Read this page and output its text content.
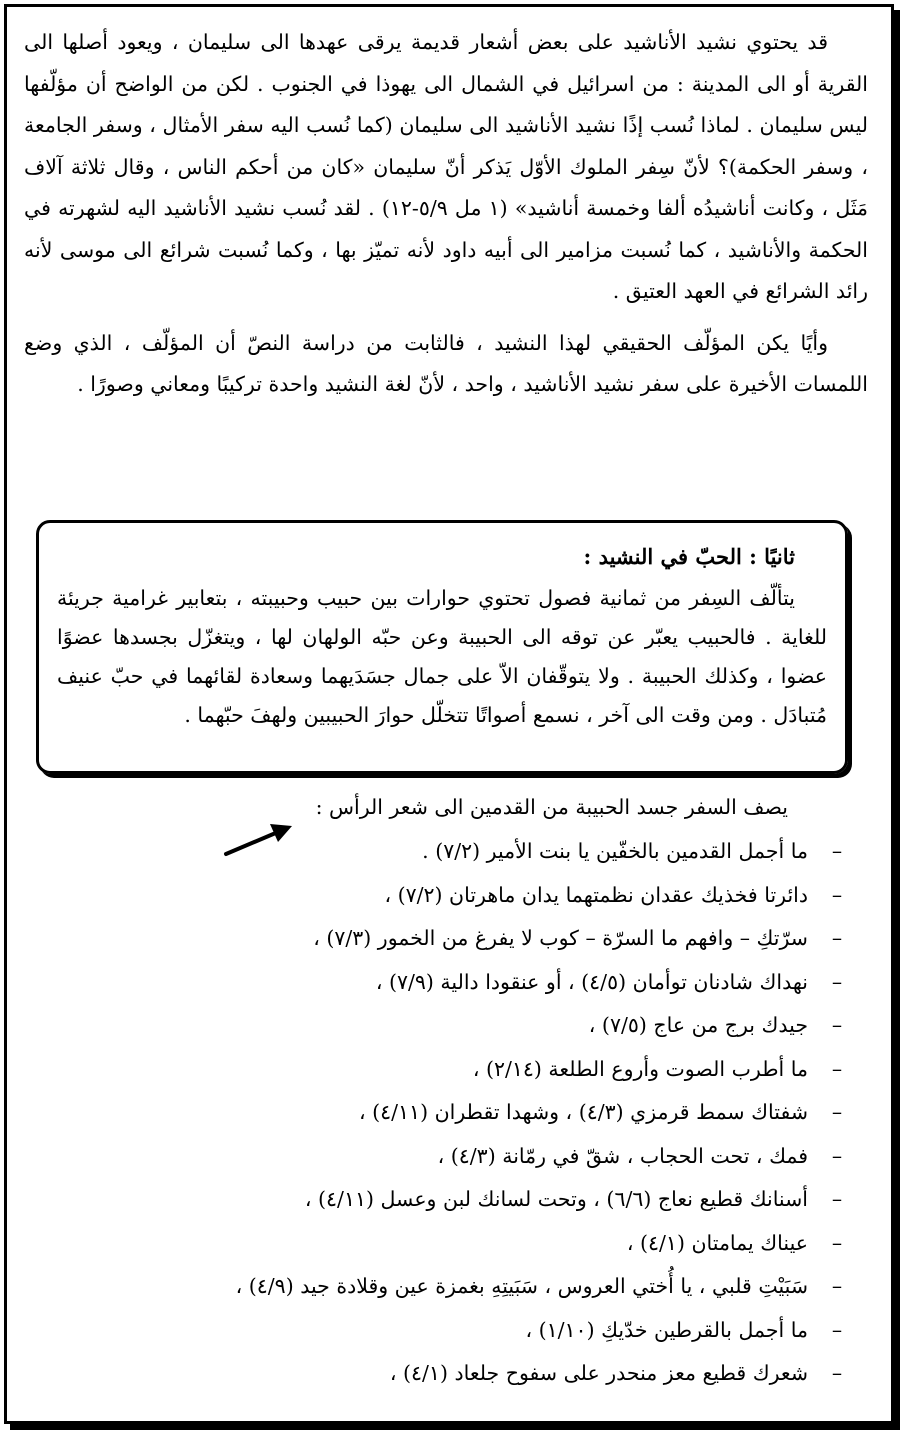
قد يحتوي نشيد الأناشيد على بعض أشعار قديمة يرقى عهدها الى سليمان ، ويعود أصلها الى القرية أو الى المدينة : من اسرائيل في الشمال الى يهوذا في الجنوب . لكن من الواضح أن مؤلّفها ليس سليمان . لماذا نُسب إذًا نشيد الأناشيد الى سليمان (كما نُسب اليه سفر الأمثال ، وسفر الجامعة ، وسفر الحكمة)؟ لأنّ سِفر الملوك الأوّل يَذكر أنّ سليمان «كان من أحكم الناس ، وقال ثلاثة آلاف مَثَل ، وكانت أناشيدُه ألفا وخمسة أناشيد» (١ مل ٥/٩-١٢) . لقد نُسب نشيد الأناشيد اليه لشهرته في الحكمة والأناشيد ، كما نُسبت مزامير الى أبيه داود لأنه تميّز بها ، وكما نُسبت شرائع الى موسى لأنه رائد الشرائع في العهد العتيق .

وأيًا يكن المؤلّف الحقيقي لهذا النشيد ، فالثابت من دراسة النصّ أن المؤلّف ، الذي وضع اللمسات الأخيرة على سفر نشيد الأناشيد ، واحد ، لأنّ لغة النشيد واحدة تركيبًا ومعاني وصورًا .

ثانيًا : الحبّ في النشيد :

يتألّف السِفر من ثمانية فصول تحتوي حوارات بين حبيب وحبيبته ، بتعابير غرامية جريئة للغاية . فالحبيب يعبّر عن توقه الى الحبيبة وعن حبّه الولهان لها ، ويتغزّل بجسدها عضوًا عضوا ، وكذلك الحبيبة . ولا يتوقّفان الاّ على جمال جسَدَيهما وسعادة لقائهما في حبّ عنيف مُتبادَل . ومن وقت الى آخر ، نسمع أصواتًا تتخلّل حوارَ الحبيبين ولهفَ حبّهما .

يصف السفر جسد الحبيبة من القدمين الى شعر الرأس :

–
ما أجمل القدمين بالخفّين يا بنت الأمير (٧/٢) .
–
دائرتا فخذيك عقدان نظمتهما يدان ماهرتان (٧/٢) ،
–
سرّتكِ – وافهم ما السرّة – كوب لا يفرغ من الخمور (٧/٣) ،
–
نهداك شادنان توأمان (٤/٥) ، أو عنقودا دالية (٧/٩) ،
–
جيدك برج من عاج (٧/٥) ،
–
ما أطرب الصوت وأروع الطلعة (٢/١٤) ،
–
شفتاك سمط قرمزي (٤/٣) ، وشهدا تقطران (٤/١١) ،
–
فمك ، تحت الحجاب ، شقّ في رمّانة (٤/٣) ،
–
أسنانك قطيع نعاج (٦/٦) ، وتحت لسانك لبن وعسل (٤/١١) ،
–
عيناك يمامتان (٤/١) ،
–
سَبَيْتِ قلبي ، يا أُختي العروس ، سَبَيتِهِ بغمزة عين وقلادة جيد (٤/٩) ،
–
ما أجمل بالقرطين خدّيكِ (١/١٠) ،
–
شعرك قطيع معز منحدر على سفوح جلعاد (٤/١) ،
